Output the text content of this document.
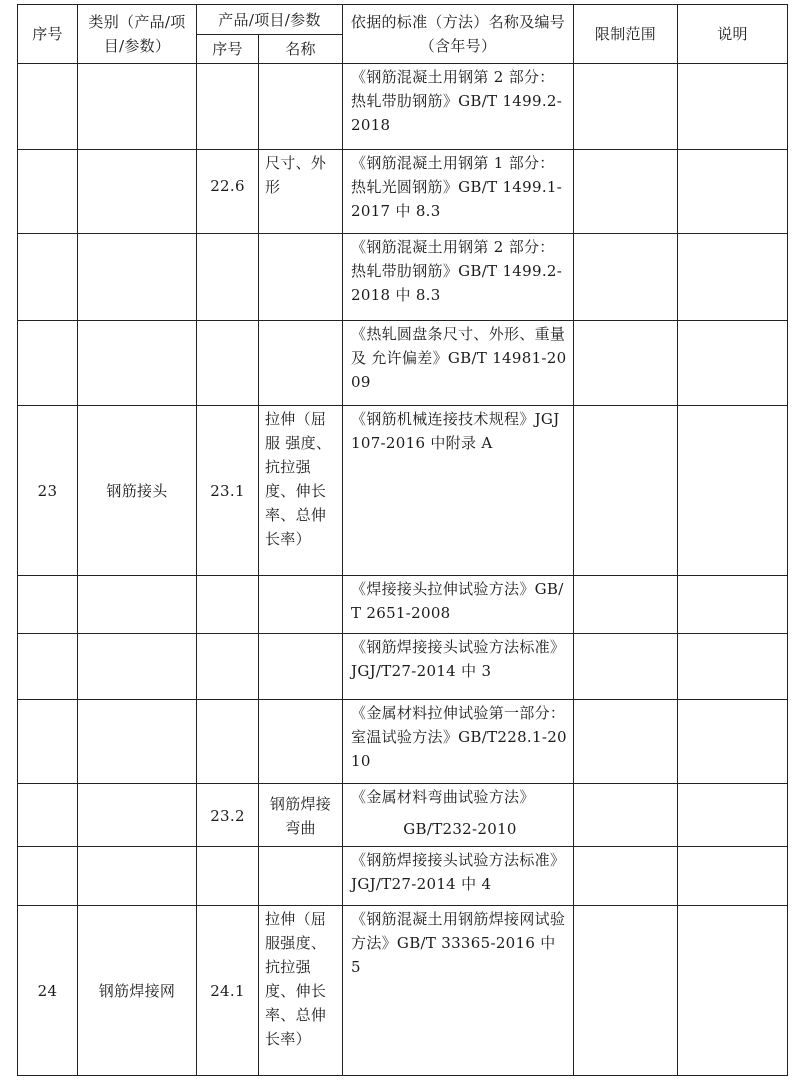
序号	类别（产品/项目/参数）	产品/项目/参数		依据的标准（方法）名称及编号（含年号）	限制范围	说明
		序号	名称			
				《钢筋混凝土用钢第 2 部分：热轧带肋钢筋》GB/T 1499.2-2018		
		22.6	尺寸、外形	《钢筋混凝土用钢第 1 部分：热轧光圆钢筋》GB/T 1499.1-2017 中 8.3		
				《钢筋混凝土用钢第 2 部分：热轧带肋钢筋》GB/T 1499.2-2018 中 8.3		
				《热轧圆盘条尺寸、外形、重量及 允许偏差》GB/T 14981-2009		
23	钢筋接头	23.1	拉伸（屈服 强度、抗拉强度、伸长率、总伸长率）	《钢筋机械连接技术规程》JGJ 107-2016 中附录 A		
				《焊接接头拉伸试验方法》GB/T 2651-2008		
				《钢筋焊接接头试验方法标准》JGJ/T27-2014 中 3		
				《金属材料拉伸试验第一部分：室温试验方法》GB/T228.1-2010		
		23.2	钢筋焊接弯曲	《金属材料弯曲试验方法》
GB/T232-2010		

				《钢筋焊接接头试验方法标准》JGJ/T27-2014 中 4		
24	钢筋焊接网	24.1	拉伸（屈服强度、抗拉强度、伸长率、总伸长率）	《钢筋混凝土用钢筋焊接网试验方法》GB/T 33365-2016 中 5		
